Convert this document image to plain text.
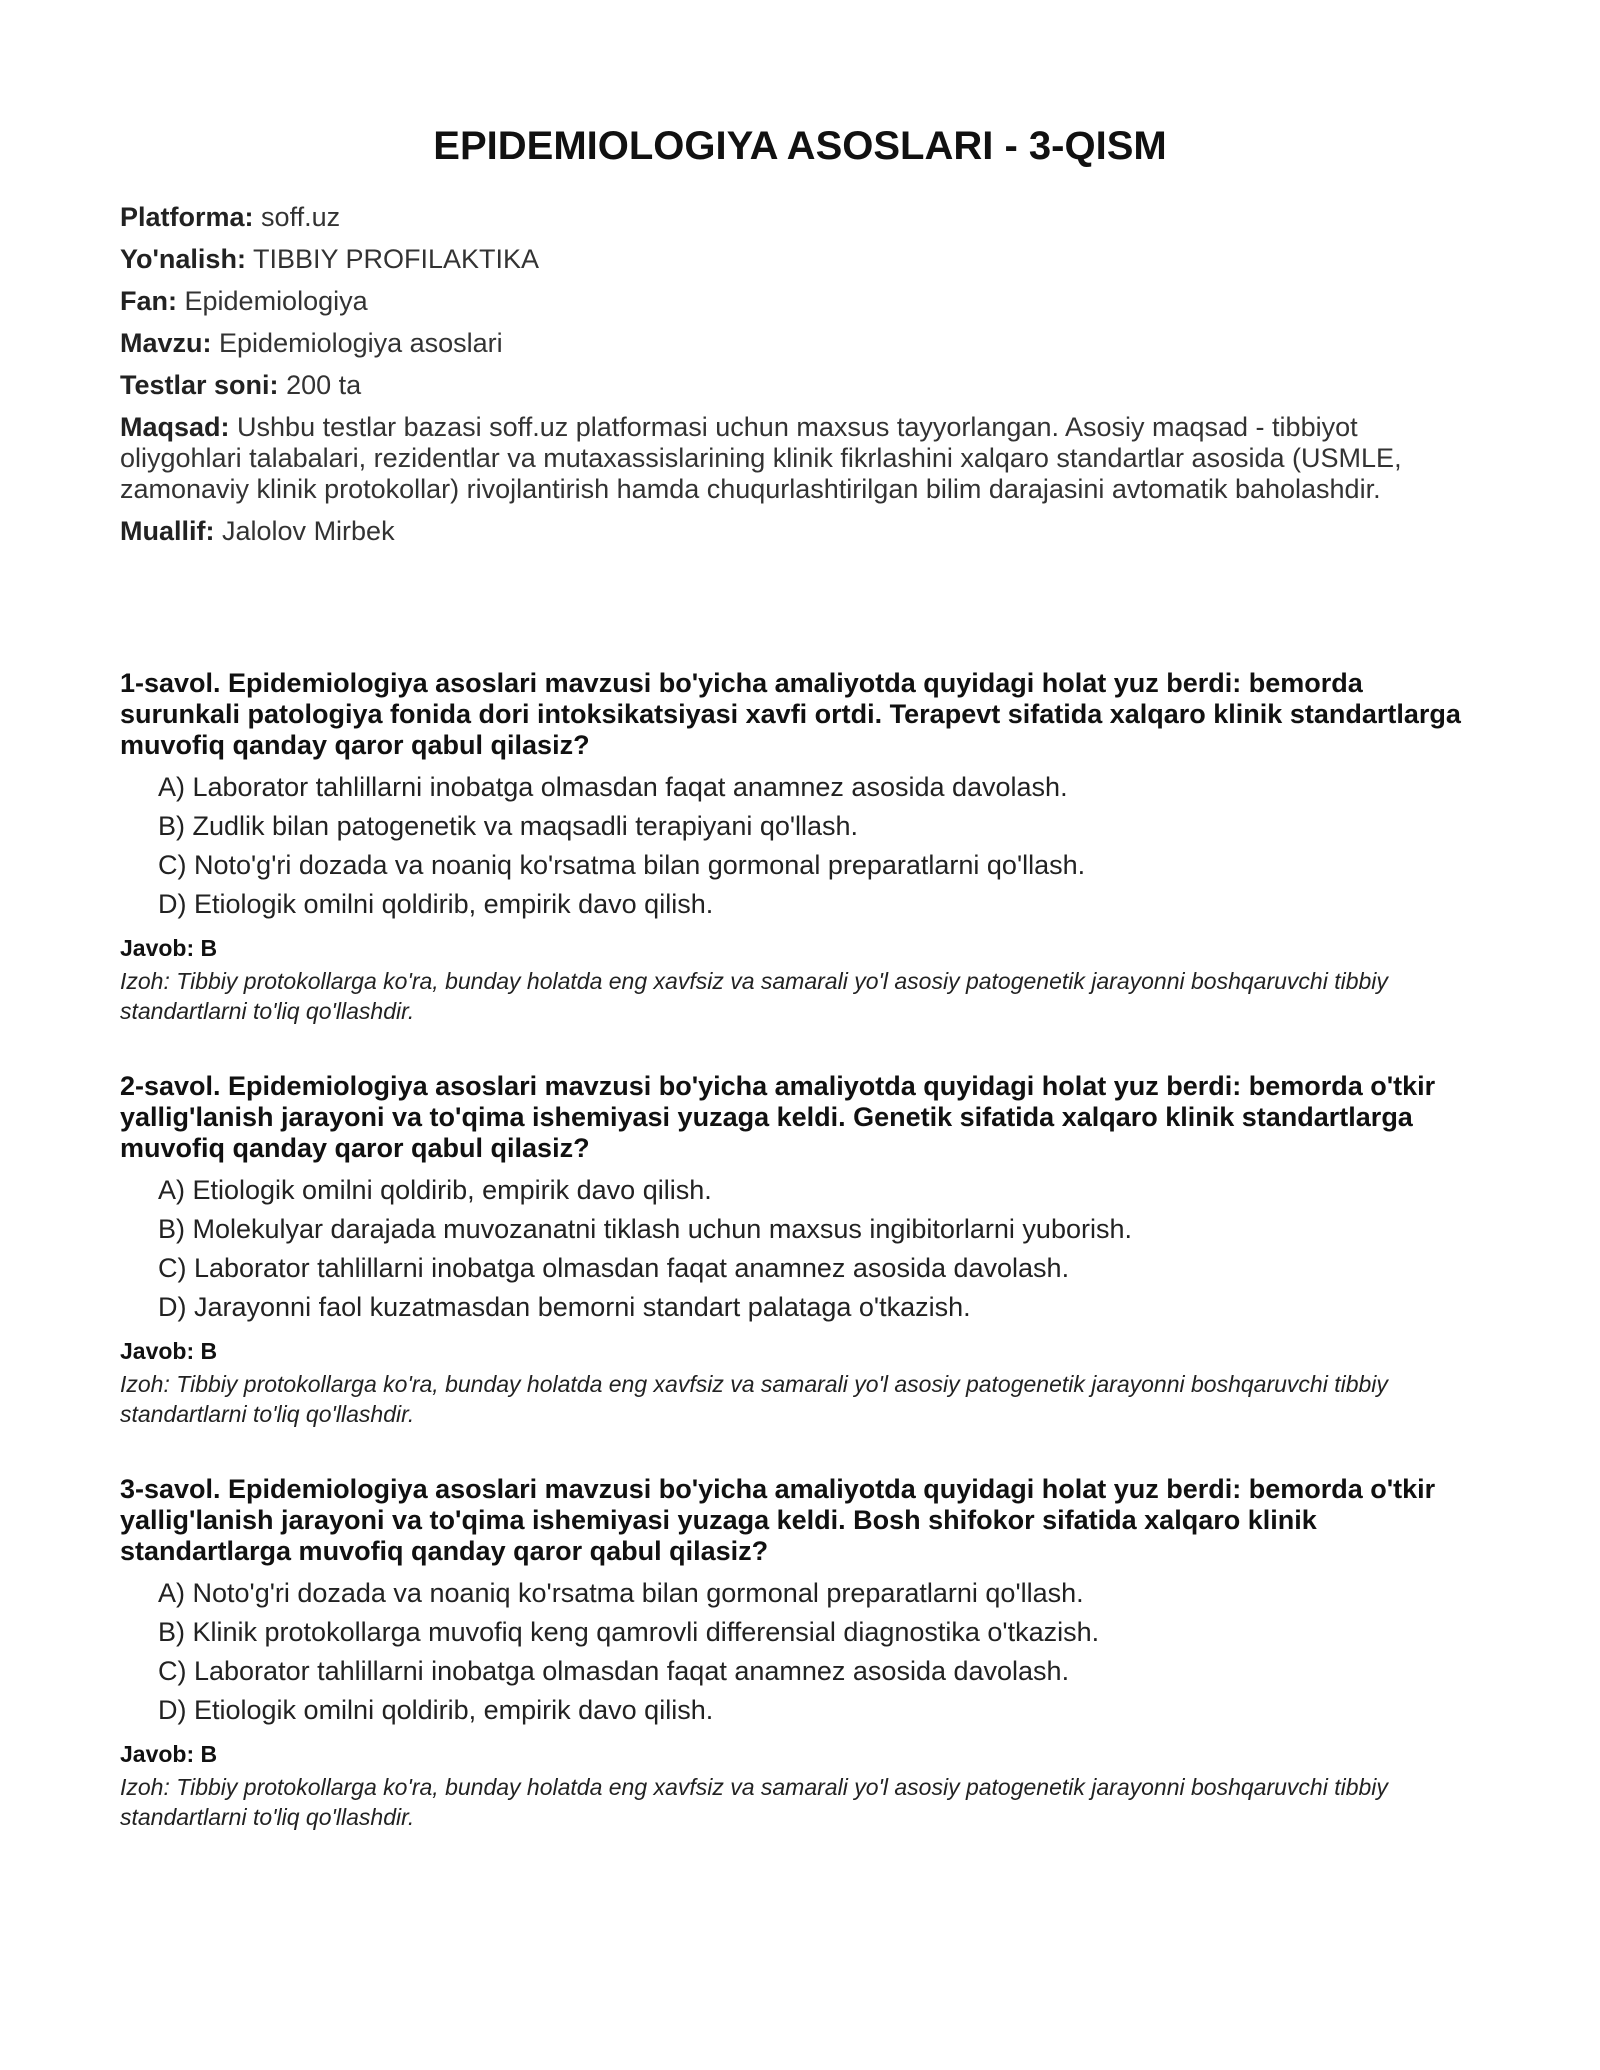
EPIDEMIOLOGIYA ASOSLARI - 3-QISM

Platforma: soff.uz

Yo'nalish: TIBBIY PROFILAKTIKA

Fan: Epidemiologiya

Mavzu: Epidemiologiya asoslari

Testlar soni: 200 ta

Maqsad: Ushbu testlar bazasi soff.uz platformasi uchun maxsus tayyorlangan. Asosiy maqsad - tibbiyot oliygohlari talabalari, rezidentlar va mutaxassislarining klinik fikrlashini xalqaro standartlar asosida (USMLE, zamonaviy klinik protokollar) rivojlantirish hamda chuqurlashtirilgan bilim darajasini avtomatik baholashdir.

Muallif: Jalolov Mirbek

1-savol. Epidemiologiya asoslari mavzusi bo'yicha amaliyotda quyidagi holat yuz berdi: bemorda surunkali patologiya fonida dori intoksikatsiyasi xavfi ortdi. Terapevt sifatida xalqaro klinik standartlarga muvofiq qanday qaror qabul qilasiz?

A) Laborator tahlillarni inobatga olmasdan faqat anamnez asosida davolash.
B) Zudlik bilan patogenetik va maqsadli terapiyani qo'llash.
C) Noto'g'ri dozada va noaniq ko'rsatma bilan gormonal preparatlarni qo'llash.
D) Etiologik omilni qoldirib, empirik davo qilish.

Javob: B

Izoh: Tibbiy protokollarga ko'ra, bunday holatda eng xavfsiz va samarali yo'l asosiy patogenetik jarayonni boshqaruvchi tibbiy standartlarni to'liq qo'llashdir.

2-savol. Epidemiologiya asoslari mavzusi bo'yicha amaliyotda quyidagi holat yuz berdi: bemorda o'tkir yallig'lanish jarayoni va to'qima ishemiyasi yuzaga keldi. Genetik sifatida xalqaro klinik standartlarga muvofiq qanday qaror qabul qilasiz?

A) Etiologik omilni qoldirib, empirik davo qilish.
B) Molekulyar darajada muvozanatni tiklash uchun maxsus ingibitorlarni yuborish.
C) Laborator tahlillarni inobatga olmasdan faqat anamnez asosida davolash.
D) Jarayonni faol kuzatmasdan bemorni standart palataga o'tkazish.

Javob: B

Izoh: Tibbiy protokollarga ko'ra, bunday holatda eng xavfsiz va samarali yo'l asosiy patogenetik jarayonni boshqaruvchi tibbiy standartlarni to'liq qo'llashdir.

3-savol. Epidemiologiya asoslari mavzusi bo'yicha amaliyotda quyidagi holat yuz berdi: bemorda o'tkir yallig'lanish jarayoni va to'qima ishemiyasi yuzaga keldi. Bosh shifokor sifatida xalqaro klinik standartlarga muvofiq qanday qaror qabul qilasiz?

A) Noto'g'ri dozada va noaniq ko'rsatma bilan gormonal preparatlarni qo'llash.
B) Klinik protokollarga muvofiq keng qamrovli differensial diagnostika o'tkazish.
C) Laborator tahlillarni inobatga olmasdan faqat anamnez asosida davolash.
D) Etiologik omilni qoldirib, empirik davo qilish.

Javob: B

Izoh: Tibbiy protokollarga ko'ra, bunday holatda eng xavfsiz va samarali yo'l asosiy patogenetik jarayonni boshqaruvchi tibbiy standartlarni to'liq qo'llashdir.
